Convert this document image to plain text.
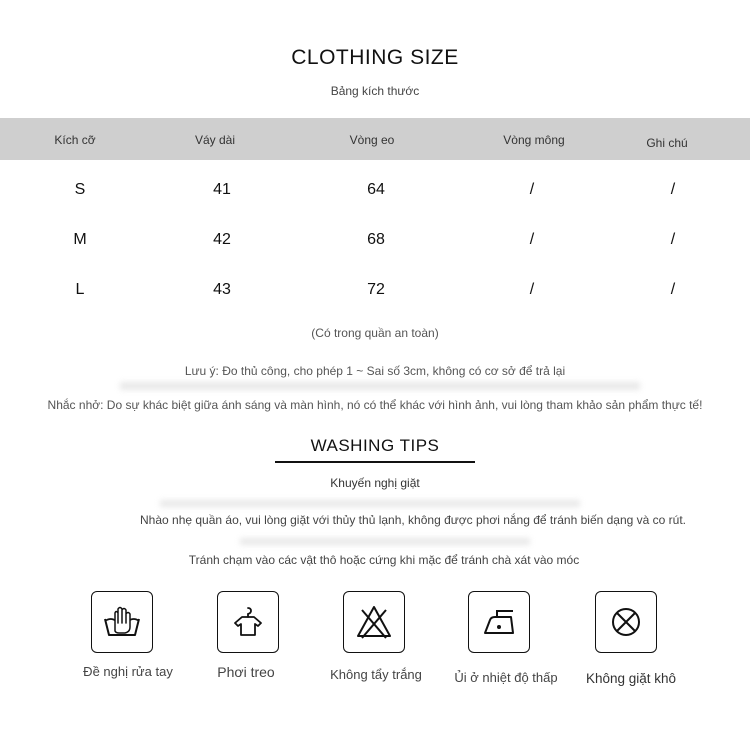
CLOTHING SIZE
Bảng kích thước
Kích cỡ	Váy dài	Vòng eo	Vòng mông	Ghi chú
S	41	64	/	/
M	42	68	/	/
L	43	72	/	/
(Có trong quần an toàn)
Lưu ý: Đo thủ công, cho phép 1 ~ Sai số 3cm, không có cơ sở để trả lại
Nhắc nhở: Do sự khác biệt giữa ánh sáng và màn hình, nó có thể khác với hình ảnh, vui lòng tham khảo sản phẩm thực tế!
WASHING TIPS
Khuyến nghị giặt
Nhào nhẹ quần áo, vui lòng giặt với thủy thủ lạnh, không được phơi nắng để tránh biến dạng và co rút.
Tránh chạm vào các vật thô hoặc cứng khi mặc để tránh chà xát vào móc
Đề nghị rửa tay	Phơi treo	Không tẩy trắng	Ủi ở nhiệt độ thấp Không giặt khô
